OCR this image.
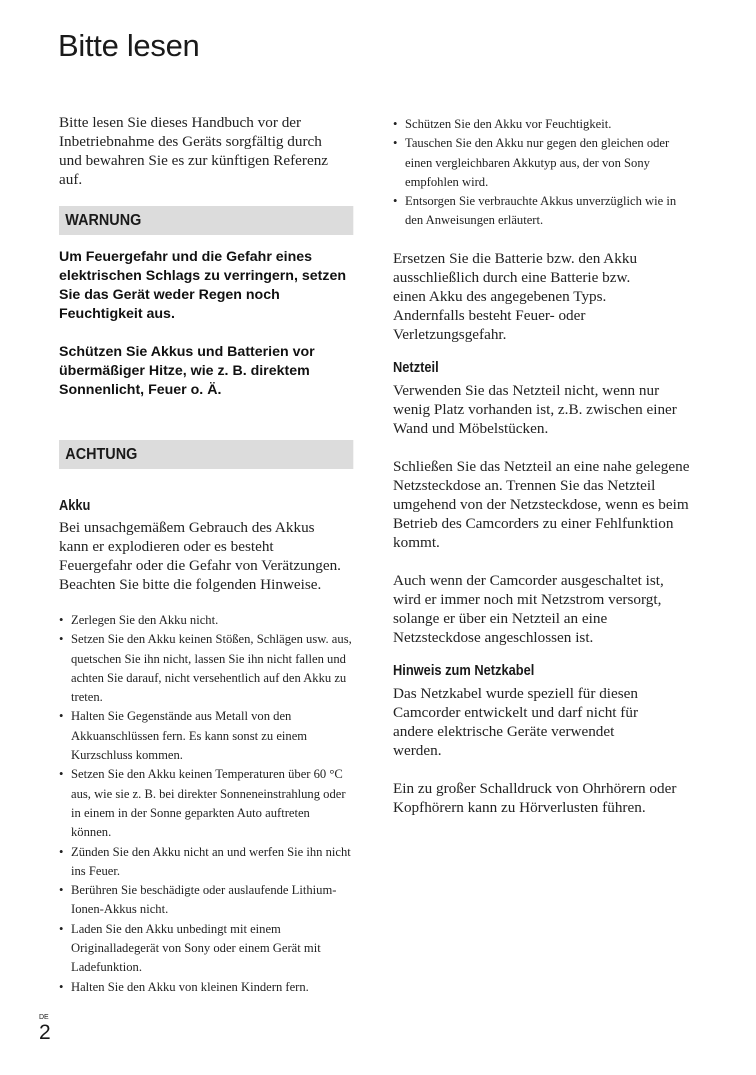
Bitte lesen

Bitte lesen Sie dieses Handbuch vor der Inbetriebnahme des Geräts sorgfältig durch und bewahren Sie es zur künftigen Referenz auf.

WARNUNG

Um Feuergefahr und die Gefahr eines elektrischen Schlags zu verringern, setzen Sie das Gerät weder Regen noch Feuchtigkeit aus.

Schützen Sie Akkus und Batterien vor übermäßiger Hitze, wie z. B. direktem Sonnenlicht, Feuer o. Ä.

ACHTUNG
Akku

Bei unsachgemäßem Gebrauch des Akkus kann er explodieren oder es besteht Feuergefahr oder die Gefahr von Verätzungen. Beachten Sie bitte die folgenden Hinweise.

• Zerlegen Sie den Akku nicht.
• Setzen Sie den Akku keinen Stößen, Schlägen usw. aus, quetschen Sie ihn nicht, lassen Sie ihn nicht fallen und achten Sie darauf, nicht versehentlich auf den Akku zu treten.
• Halten Sie Gegenstände aus Metall von den Akkuanschlüssen fern. Es kann sonst zu einem Kurzschluss kommen.
• Setzen Sie den Akku keinen Temperaturen über 60 °C aus, wie sie z. B. bei direkter Sonneneinstrahlung oder in einem in der Sonne geparkten Auto auftreten können.
• Zünden Sie den Akku nicht an und werfen Sie ihn nicht ins Feuer.
• Berühren Sie beschädigte oder auslaufende Lithium-Ionen-Akkus nicht.
• Laden Sie den Akku unbedingt mit einem Originalladegerät von Sony oder einem Gerät mit Ladefunktion.
• Halten Sie den Akku von kleinen Kindern fern.
• Schützen Sie den Akku vor Feuchtigkeit.
• Tauschen Sie den Akku nur gegen den gleichen oder einen vergleichbaren Akkutyp aus, der von Sony empfohlen wird.
• Entsorgen Sie verbrauchte Akkus unverzüglich wie in den Anweisungen erläutert.

Ersetzen Sie die Batterie bzw. den Akku ausschließlich durch eine Batterie bzw. einen Akku des angegebenen Typs. Andernfalls besteht Feuer- oder Verletzungsgefahr.

Netzteil

Verwenden Sie das Netzteil nicht, wenn nur wenig Platz vorhanden ist, z.B. zwischen einer Wand und Möbelstücken.

Schließen Sie das Netzteil an eine nahe gelegene Netzsteckdose an. Trennen Sie das Netzteil umgehend von der Netzsteckdose, wenn es beim Betrieb des Camcorders zu einer Fehlfunktion kommt.

Auch wenn der Camcorder ausgeschaltet ist, wird er immer noch mit Netzstrom versorgt, solange er über ein Netzteil an eine Netzsteckdose angeschlossen ist.

Hinweis zum Netzkabel

Das Netzkabel wurde speziell für diesen Camcorder entwickelt und darf nicht für andere elektrische Geräte verwendet werden.

Ein zu großer Schalldruck von Ohrhörern oder Kopfhörern kann zu Hörverlusten führen.

DE
2
